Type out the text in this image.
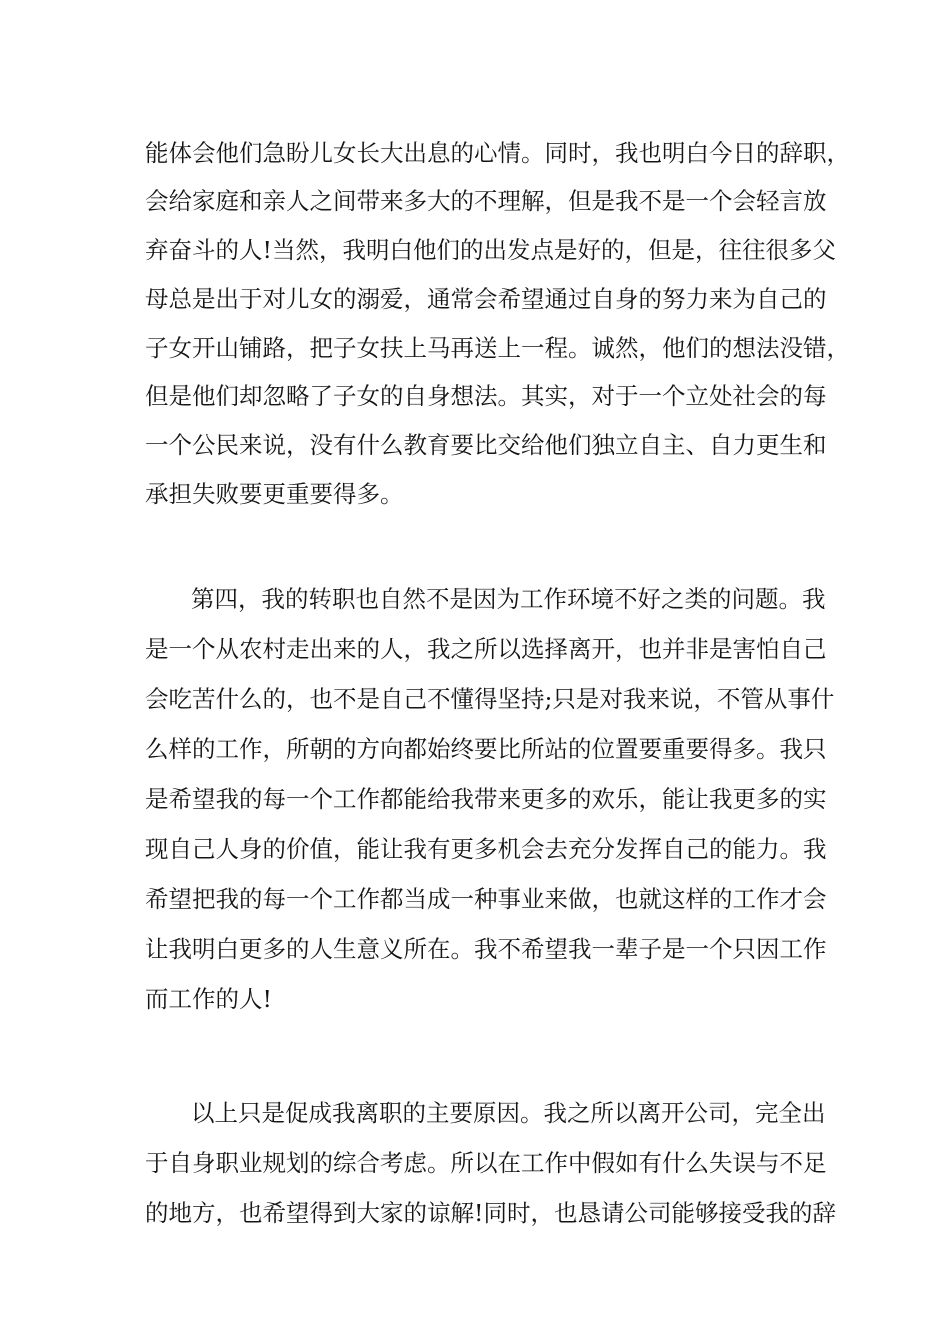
能体会他们急盼儿女长大出息的心情。同时，我也明白今日的辞职，
会给家庭和亲人之间带来多大的不理解，但是我不是一个会轻言放
弃奋斗的人!当然，我明白他们的出发点是好的，但是，往往很多父
母总是出于对儿女的溺爱，通常会希望通过自身的努力来为自己的
子女开山铺路，把子女扶上马再送上一程。诚然，他们的想法没错，
但是他们却忽略了子女的自身想法。其实，对于一个立处社会的每
一个公民来说，没有什么教育要比交给他们独立自主、自力更生和
承担失败要更重要得多。
第四，我的转职也自然不是因为工作环境不好之类的问题。我
是一个从农村走出来的人，我之所以选择离开，也并非是害怕自己
会吃苦什么的，也不是自己不懂得坚持;只是对我来说，不管从事什
么样的工作，所朝的方向都始终要比所站的位置要重要得多。我只
是希望我的每一个工作都能给我带来更多的欢乐，能让我更多的实
现自己人身的价值，能让我有更多机会去充分发挥自己的能力。我
希望把我的每一个工作都当成一种事业来做，也就这样的工作才会
让我明白更多的人生意义所在。我不希望我一辈子是一个只因工作
而工作的人!
以上只是促成我离职的主要原因。我之所以离开公司，完全出
于自身职业规划的综合考虑。所以在工作中假如有什么失误与不足
的地方，也希望得到大家的谅解!同时，也恳请公司能够接受我的辞
